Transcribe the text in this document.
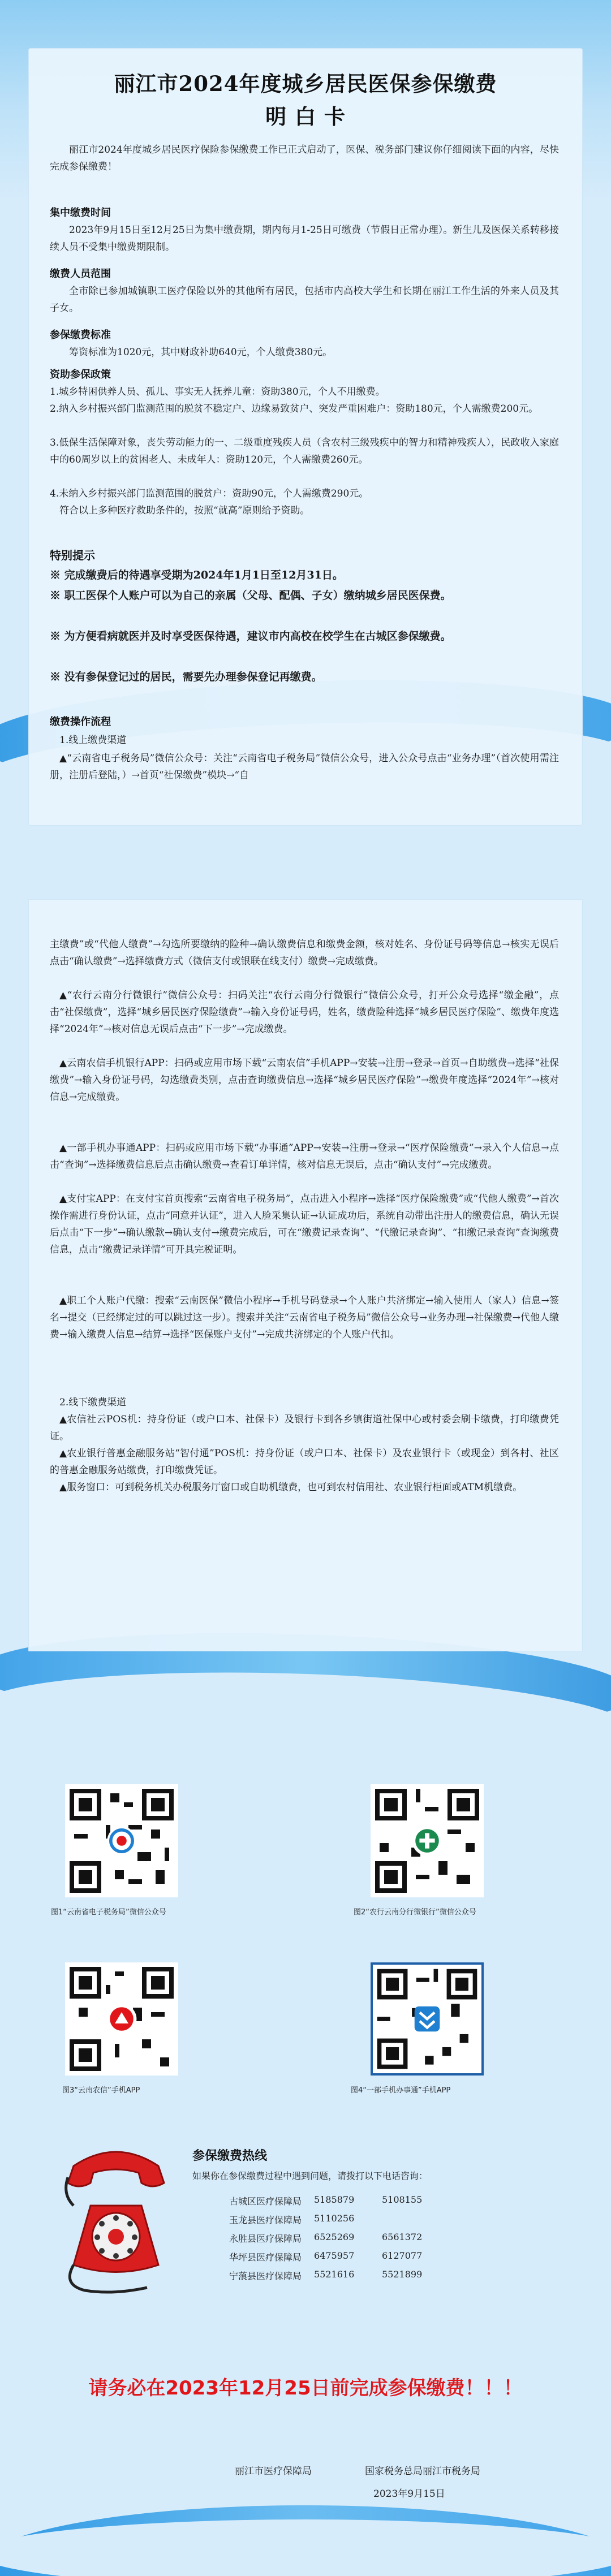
丽江市2024年度城乡居民医保参保缴费
明 白 卡
丽江市2024年度城乡居民医疗保险参保缴费工作已正式启动了，医保、税务部门建议你仔细阅读下面的内容，尽快完成参保缴费！
集中缴费时间
2023年9月15日至12月25日为集中缴费期，期内每月1-25日可缴费（节假日正常办理）。新生儿及医保关系转移接续人员不受集中缴费期限制。
缴费人员范围
全市除已参加城镇职工医疗保险以外的其他所有居民，包括市内高校大学生和长期在丽江工作生活的外来人员及其子女。
参保缴费标准
筹资标准为1020元，其中财政补助640元，个人缴费380元。
资助参保政策
1.城乡特困供养人员、孤儿、事实无人抚养儿童：资助380元，个人不用缴费。
2.纳入乡村振兴部门监测范围的脱贫不稳定户、边缘易致贫户、突发严重困难户：资助180元，个人需缴费200元。
3.低保生活保障对象，丧失劳动能力的一、二级重度残疾人员（含农村三级残疾中的智力和精神残疾人），民政收入家庭中的60周岁以上的贫困老人、未成年人：资助120元，个人需缴费260元。
4.未纳入乡村振兴部门监测范围的脱贫户：资助90元，个人需缴费290元。
符合以上多种医疗救助条件的，按照“就高”原则给予资助。
特别提示
※ 完成缴费后的待遇享受期为2024年1月1日至12月31日。
※ 职工医保个人账户可以为自己的亲属（父母、配偶、子女）缴纳城乡居民医保费。
※ 为方便看病就医并及时享受医保待遇，建议市内高校在校学生在古城区参保缴费。
※ 没有参保登记过的居民，需要先办理参保登记再缴费。
缴费操作流程
1.线上缴费渠道
▲“云南省电子税务局”微信公众号：关注“云南省电子税务局”微信公众号，进入公众号点击“业务办理”（首次使用需注册，注册后登陆，）→首页“社保缴费”模块→“自
主缴费”或“代他人缴费”→勾选所要缴纳的险种→确认缴费信息和缴费金额，核对姓名、身份证号码等信息→核实无误后点击“确认缴费”→选择缴费方式（微信支付或银联在线支付）缴费→完成缴费。
▲“农行云南分行微银行”微信公众号：扫码关注“农行云南分行微银行”微信公众号，打开公众号选择“缴金融”，点击“社保缴费”，选择“城乡居民医疗保险缴费”→输入身份证号码，姓名，缴费险种选择“城乡居民医疗保险”、缴费年度选择“2024年”→核对信息无误后点击“下一步”→完成缴费。
▲云南农信手机银行APP：扫码或应用市场下载“云南农信”手机APP→安装→注册→登录→首页→自助缴费→选择“社保缴费”→输入身份证号码，勾选缴费类别，点击查询缴费信息→选择“城乡居民医疗保险”→缴费年度选择“2024年”→核对信息→完成缴费。
▲一部手机办事通APP：扫码或应用市场下载“办事通”APP→安装→注册→登录→“医疗保险缴费”→录入个人信息→点击“查询”→选择缴费信息后点击确认缴费→查看订单详情，核对信息无误后，点击“确认支付”→完成缴费。
▲支付宝APP：在支付宝首页搜索“云南省电子税务局”，点击进入小程序→选择“医疗保险缴费”或“代他人缴费”→首次操作需进行身份认证，点击“同意并认证”，进入人脸采集认证→认证成功后，系统自动带出注册人的缴费信息，确认无误后点击“下一步”→确认缴款→确认支付→缴费完成后，可在“缴费记录查询”、“代缴记录查询”、“扣缴记录查询”查询缴费信息，点击“缴费记录详情”可开具完税证明。
▲职工个人账户代缴：搜索“云南医保”微信小程序→手机号码登录→个人账户共济绑定→输入使用人（家人）信息→签名→提交（已经绑定过的可以跳过这一步）。搜索并关注“云南省电子税务局”微信公众号→业务办理→社保缴费→代他人缴费→输入缴费人信息→结算→选择“医保账户支付”→完成共济绑定的个人账户代扣。
2.线下缴费渠道
▲农信社云POS机：持身份证（或户口本、社保卡）及银行卡到各乡镇街道社保中心或村委会刷卡缴费，打印缴费凭证。
▲农业银行普惠金融服务站“智付通”POS机：持身份证（或户口本、社保卡）及农业银行卡（或现金）到各村、社区的普惠金融服务站缴费，打印缴费凭证。
▲服务窗口：可到税务机关办税服务厅窗口或自助机缴费，也可到农村信用社、农业银行柜面或ATM机缴费。
图1“云南省电子税务局”微信公众号	图2“农行云南分行微银行”微信公众号
图3“云南农信”手机APP	图4“一部手机办事通”手机APP
参保缴费热线
如果你在参保缴费过程中遇到问题，请拨打以下电话咨询：
古城区医疗保障局	5185879	5108155
玉龙县医疗保障局	5110256
永胜县医疗保障局	6525269	6561372
华坪县医疗保障局	6475957	6127077
宁蒗县医疗保障局	5521616	5521899
请务必在2023年12月25日前完成参保缴费！！！
丽江市医疗保障局	国家税务总局丽江市税务局
2023年9月15日
